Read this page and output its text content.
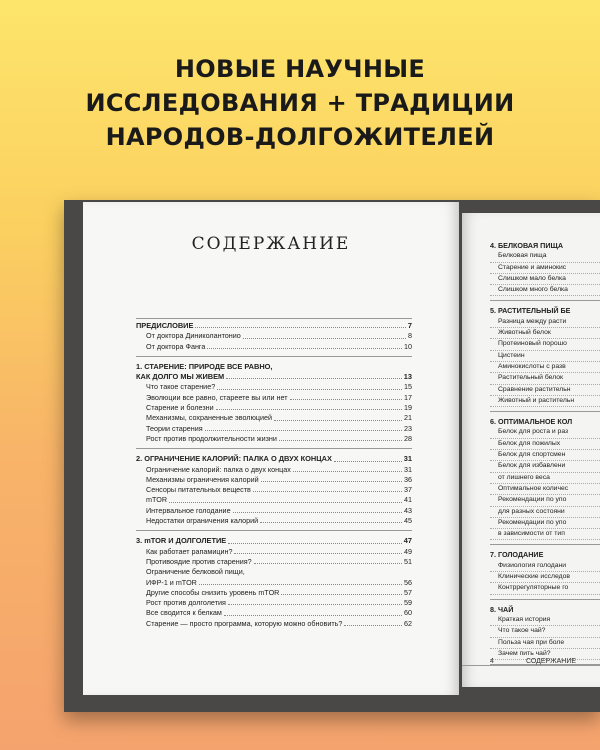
НОВЫЕ НАУЧНЫЕ
ИССЛЕДОВАНИЯ + ТРАДИЦИИ
НАРОДОВ-ДОЛГОЖИТЕЛЕЙ
СОДЕРЖАНИЕ
ПРЕДИСЛОВИЕ	7
От доктора Диниколантонио	8
От доктора Фанга	10
1. СТАРЕНИЕ: ПРИРОДЕ ВСЕ РАВНО,
КАК ДОЛГО МЫ ЖИВЕМ	13
Что такое старение?	15
Эволюции все равно, стареете вы или нет	17
Старение и болезни	19
Механизмы, сохраненные эволюцией	21
Теории старения	23
Рост против продолжительности жизни	28
2. ОГРАНИЧЕНИЕ КАЛОРИЙ: ПАЛКА О ДВУХ КОНЦАХ	31
Ограничение калорий: палка о двух концах	31
Механизмы ограничения калорий	36
Сенсоры питательных веществ	37
mTOR	41
Интервальное голодание	43
Недостатки ограничения калорий	45
3. mTOR И ДОЛГОЛЕТИЕ	47
Как работает рапамицин?	49
Противоядие против старения?	51
Ограничение белковой пищи,
ИФР-1 и mTOR	56
Другие способы снизить уровень mTOR	57
Рост против долголетия	59
Все сводится к белкам	60
Старение — просто программа, которую можно обновить?	62
4. БЕЛКОВАЯ ПИЩА
Белковая пища
Старение и аминокис
Слишком мало белка
Слишком много белка
5. РАСТИТЕЛЬНЫЙ БЕ
Разница между расти
Животный белок
Протеиновый порошо
Цистеин
Аминокислоты с разв
Растительный белок
Сравнение растительн
Животный и растительн
6. ОПТИМАЛЬНОЕ КОЛ
Белок для роста и раз
Белок для пожилых
Белок для спортсмен
Белок для избавлени
от лишнего веса
Оптимальное количес
Рекомендации по упо
для разных состояни
Рекомендации по упо
в зависимости от тип
7. ГОЛОДАНИЕ
Физиология голодани
Клинические исследов
Контррегуляторные го
8. ЧАЙ
Краткая история
Что такое чай?
Польза чая при боле
Зачем пить чай?
4	СОДЕРЖАНИЕ
